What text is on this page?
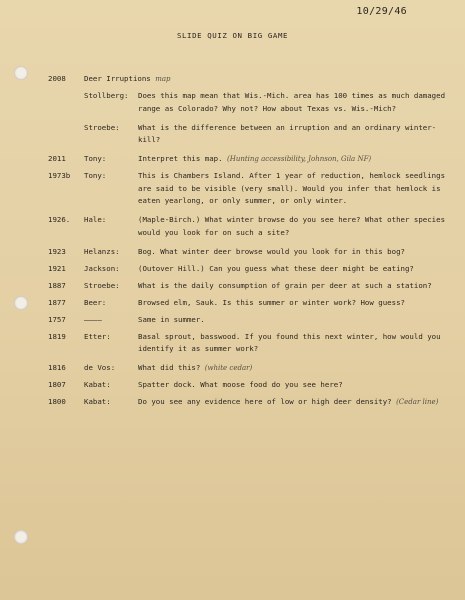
10/29/46
SLIDE QUIZ ON BIG GAME
2008 Deer Irruptions map
Stollberg: Does this map mean that Wis.-Mich. area has 100 times as much damaged range as Colorado? Why not? How about Texas vs. Wis.-Mich?
Stroebe: What is the difference between an irruption and an ordinary winter-kill?
2011 Tony:	Interpret this map. (Hunting accessibility, Johnson, Gila NF)
1973b Tony:	This is Chambers Island. After 1 year of reduction, hemlock seedlings are said to be visible (very small). Would you infer that hemlock is eaten yearlong, or only summer, or only winter.
1926. Hale:	(Maple-Birch.) What winter browse do you see here? What other species would you look for on such a site?
1923 Helanzs: Bog. What winter deer browse would you look for in this bog?
1921 Jackson: (Outover Hill.) Can you guess what these deer might be eating?
1887 Stroebe: What is the daily consumption of grain per deer at such a station?
1877 Beer:	Browsed elm, Sauk. Is this summer or winter work? How guess?
1757 ————	Same in summer.
1819 Etter:	Basal sprout, basswood. If you found this next winter, how would you identify it as summer work?
1816 de Vos:	What did this? (white cedar)
1807 Kabat:	Spatter dock. What moose food do you see here?
1800 Kabat:	Do you see any evidence here of low or high deer density? (Cedar line)
